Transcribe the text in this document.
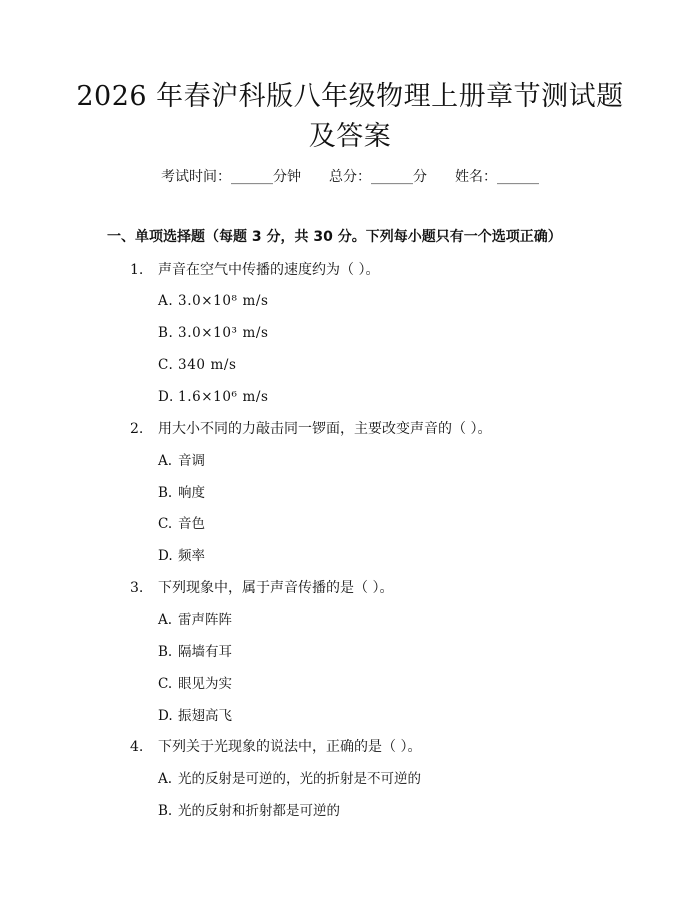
2026 年春沪科版八年级物理上册章节测试题
及答案
考试时间：______分钟　　总分：______分　　姓名：______
一、单项选择题（每题 3 分，共 30 分。下列每小题只有一个选项正确）
1. 声音在空气中传播的速度约为（ ）。
A. 3.0×10⁸ m/s
B. 3.0×10³ m/s
C. 340 m/s
D. 1.6×10⁶ m/s
2. 用大小不同的力敲击同一锣面，主要改变声音的（ ）。
A. 音调
B. 响度
C. 音色
D. 频率
3. 下列现象中，属于声音传播的是（ ）。
A. 雷声阵阵
B. 隔墙有耳
C. 眼见为实
D. 振翅高飞
4. 下列关于光现象的说法中，正确的是（ ）。
A. 光的反射是可逆的，光的折射是不可逆的
B. 光的反射和折射都是可逆的
